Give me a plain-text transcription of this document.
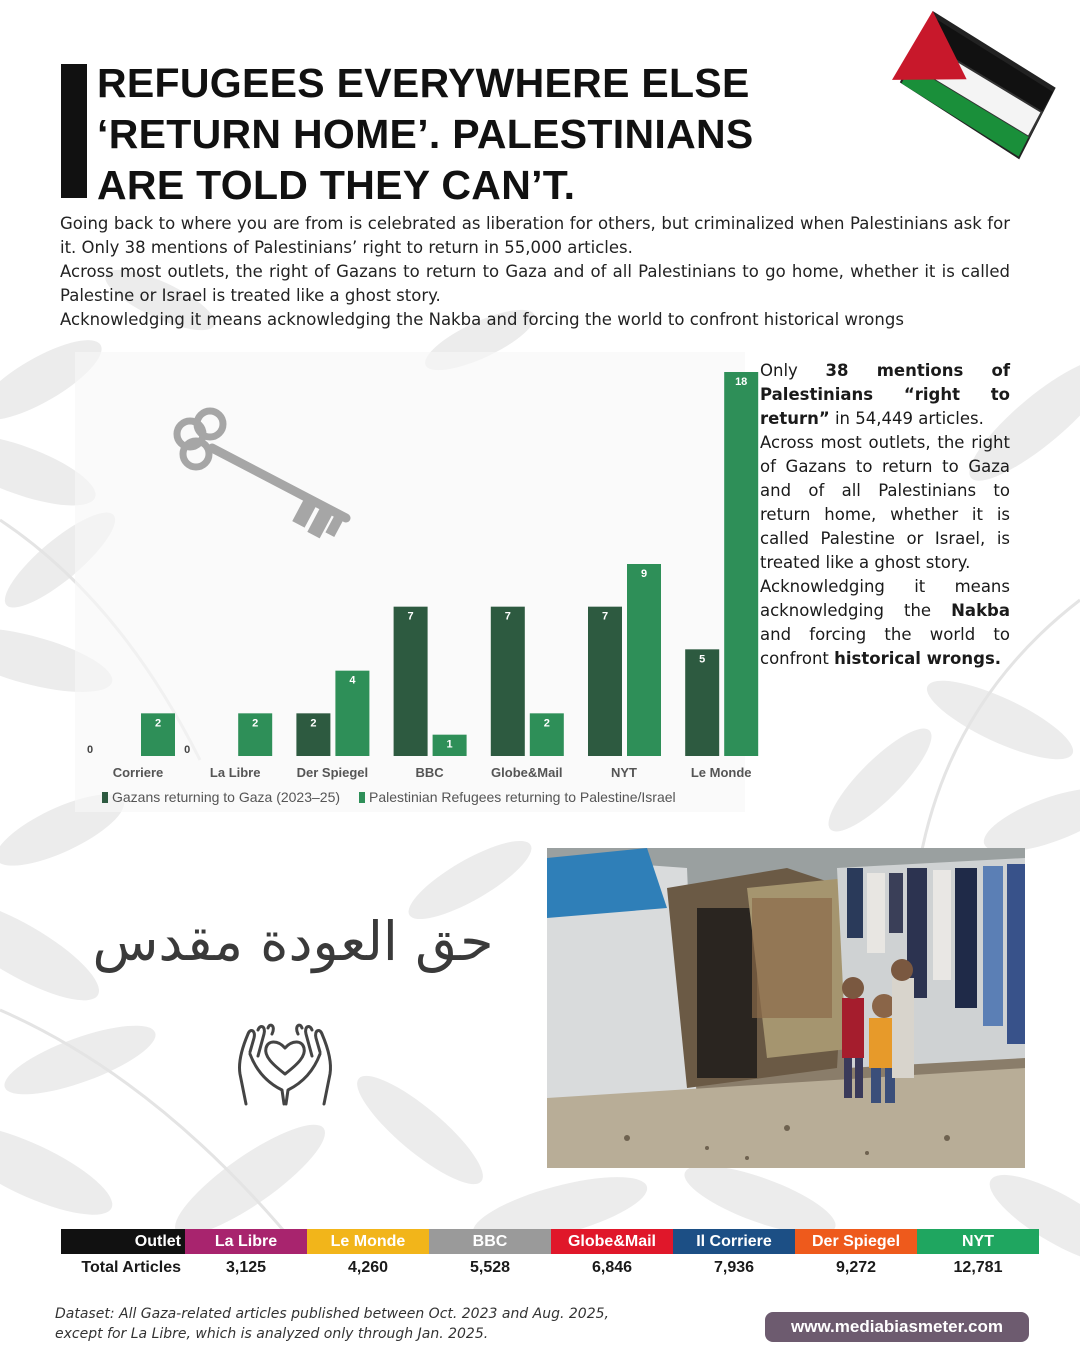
REFUGEES EVERYWHERE ELSE
‘RETURN HOME’. PALESTINIANS
ARE TOLD THEY CAN’T.

Going back to where you are from is celebrated as liberation for others, but criminalized when Palestinians ask for it. Only 38 mentions of Palestinians’ right to return in 55,000 articles.

Across most outlets, the right of Gazans to return to Gaza and of all Palestinians to go home, whether it is called Palestine or Israel is treated like a ghost story.

Acknowledging it means acknowledging the Nakba and forcing the world to confront historical wrongs

0
2
0
2	2
4
7
1
7
2
7
9
5
18
Corriere	La Libre	Der Spiegel	BBC	Globe&Mail	NYT	Le Monde
Gazans returning to Gaza (2023–25) Palestinian Refugees returning to Palestine/Israel

Only 38 mentions of Palestinians “right to return” in 54,449 articles.

Across most outlets, the right of Gazans to return to Gaza and of all Palestinians to return home, whether it is called Palestine or Israel, is treated like a ghost story.

Acknowledging it means acknowledging the Nakba and forcing the world to confront historical wrongs.

حق العودة مقدس
Outlet	La Libre	Le Monde	BBC	Globe&Mail	Il Corriere	Der Spiegel	NYT
Total Articles	3,125	4,260	5,528	6,846	7,936	9,272	12,781
Dataset: All Gaza-related articles published between Oct. 2023 and Aug. 2025,
except for La Libre, which is analyzed only through Jan. 2025.	www.mediabiasmeter.com
